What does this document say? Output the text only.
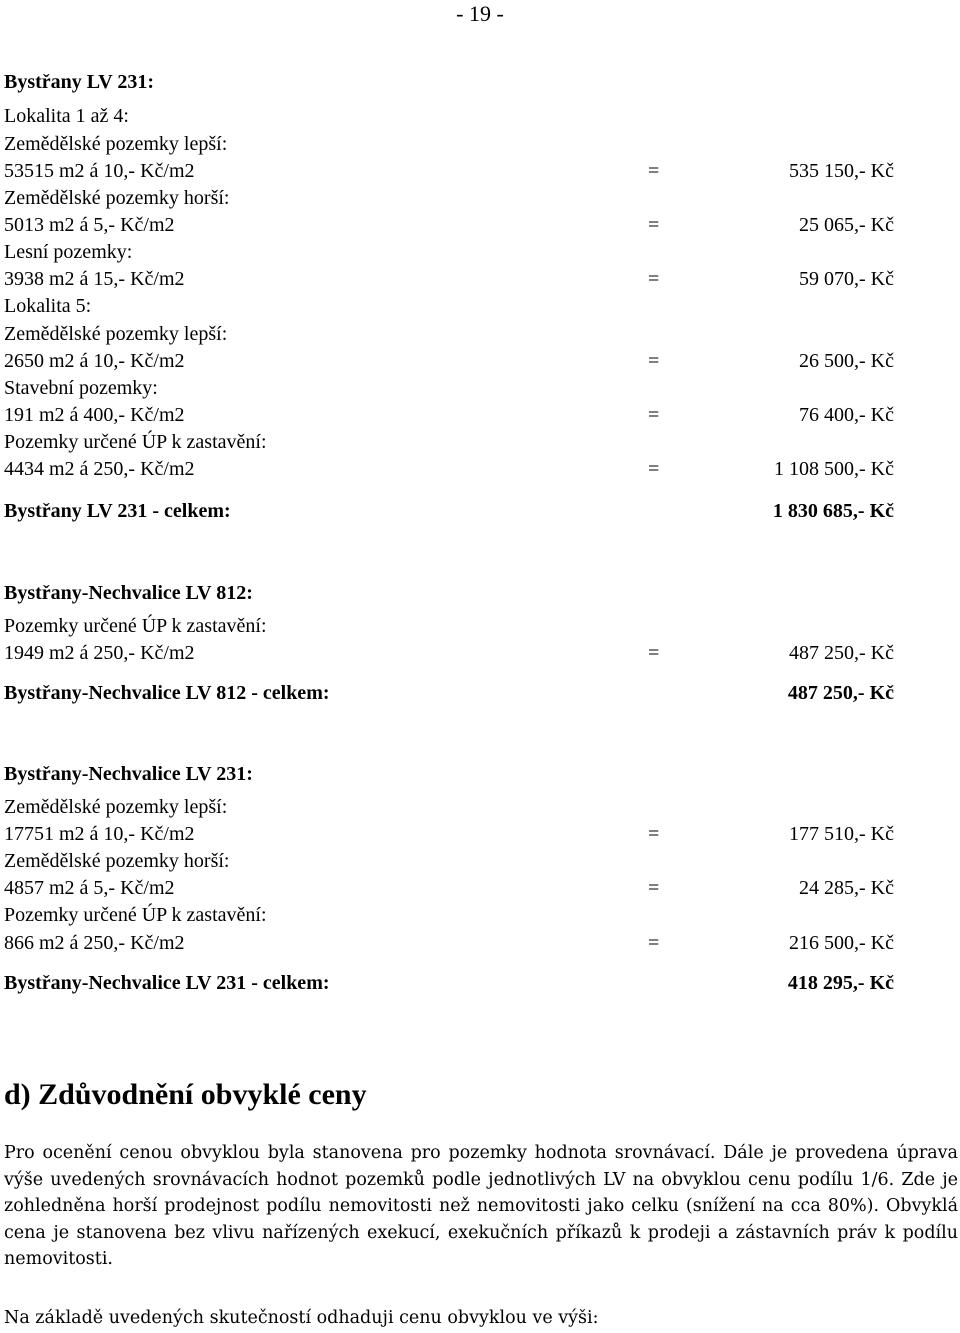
- 19 -
Bystřany LV 231:
Lokalita 1 až 4:
Zemědělské pozemky lepší:
53515 m2 á 10,- Kč/m2	=	535 150,- Kč
Zemědělské pozemky horší:
5013 m2 á 5,- Kč/m2	=	25 065,- Kč
Lesní pozemky:
3938 m2 á 15,- Kč/m2	=	59 070,- Kč
Lokalita 5:
Zemědělské pozemky lepší:
2650 m2 á 10,- Kč/m2	=	26 500,- Kč
Stavební pozemky:
191 m2 á 400,- Kč/m2	=	76 400,- Kč
Pozemky určené ÚP k zastavění:
4434 m2 á 250,- Kč/m2	=	1 108 500,- Kč
Bystřany LV 231 - celkem:	1 830 685,- Kč
Bystřany-Nechvalice LV 812:
Pozemky určené ÚP k zastavění:
1949 m2 á 250,- Kč/m2	=	487 250,- Kč
Bystřany-Nechvalice LV 812 - celkem:	487 250,- Kč
Bystřany-Nechvalice LV 231:
Zemědělské pozemky lepší:
17751 m2 á 10,- Kč/m2	=	177 510,- Kč
Zemědělské pozemky horší:
4857 m2 á 5,- Kč/m2	=	24 285,- Kč
Pozemky určené ÚP k zastavění:
866 m2 á 250,- Kč/m2	=	216 500,- Kč
Bystřany-Nechvalice LV 231 - celkem:	418 295,- Kč
d) Zdůvodnění obvyklé ceny

Pro ocenění cenou obvyklou byla stanovena pro pozemky hodnota srovnávací. Dále je provedena úprava výše uvedených srovnávacích hodnot pozemků podle jednotlivých LV na obvyklou cenu podílu 1/6. Zde je zohledněna horší prodejnost podílu nemovitosti než nemovitosti jako celku (snížení na cca 80%). Obvyklá cena je stanovena bez vlivu nařízených exekucí, exekučních příkazů k prodeji a zástavních práv k podílu nemovitosti.

Na základě uvedených skutečností odhaduji cenu obvyklou ve výši:
